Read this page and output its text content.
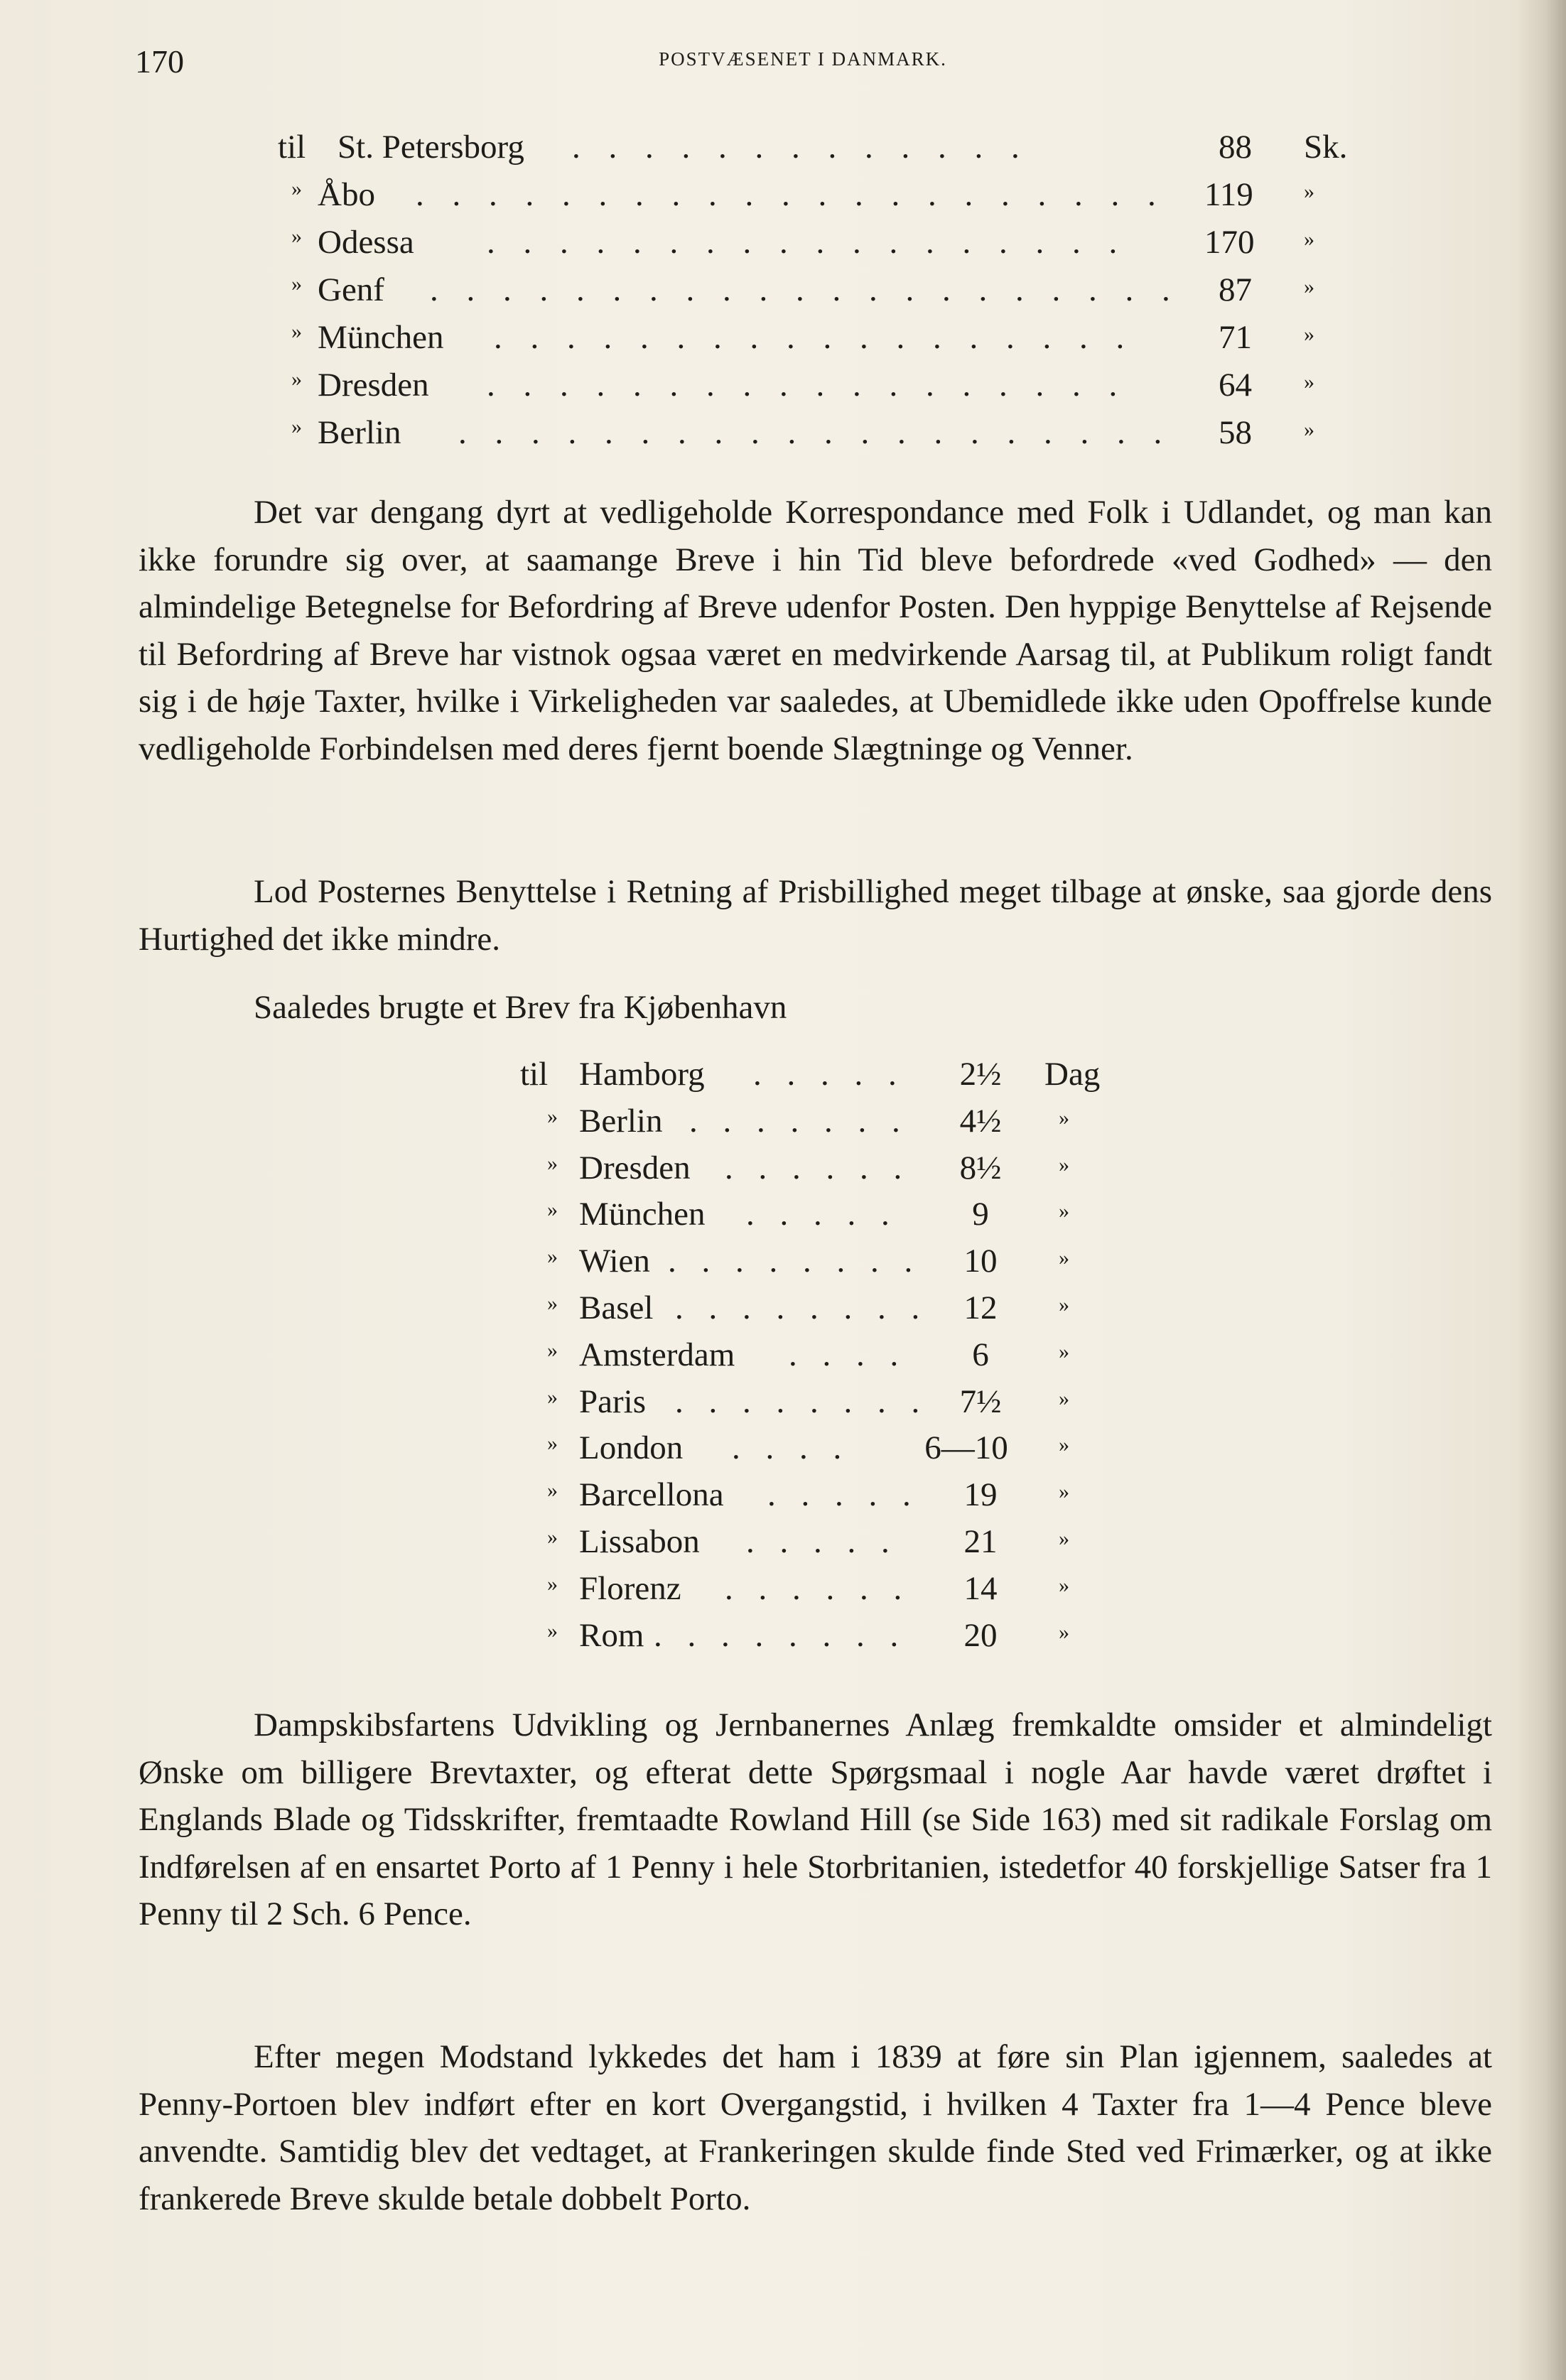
170	POSTVÆSENET I DANMARK.
til St. Petersborg . . . . . . . . . . . . .	88 Sk.
» Åbo . . . . . . . . . . . . . . . . . . . . . 119 »
» Odessa . . . . . . . . . . . . . . . . . . 170 »
» Genf . . . . . . . . . . . . . . . . . . . . . 87 »
» München . . . . . . . . . . . . . . . . . .	71 »
» Dresden . . . . . . . . . . . . . . . . . .	64 »
» Berlin . . . . . . . . . . . . . . . . . . . . 58 »

Det var dengang dyrt at vedligeholde Korrespondance med Folk i Udlandet, og man kan ikke forundre sig over, at saamange Breve i hin Tid bleve befordrede «ved Godhed» — den almindelige Betegnelse for Befordring af Breve udenfor Posten. Den hyppige Benyttelse af Rejsende til Befordring af Breve har vistnok ogsaa været en medvirkende Aarsag til, at Publikum roligt fandt sig i de høje Taxter, hvilke i Virkeligheden var saaledes, at Ubemidlede ikke uden Opoffrelse kunde vedligeholde Forbindelsen med deres fjernt boende Slægtninge og Venner.

Lod Posternes Benyttelse i Retning af Prisbillighed meget tilbage at ønske, saa gjorde dens Hurtighed det ikke mindre.

Saaledes brugte et Brev fra Kjøbenhavn

til Hamborg . . . . .	2½	Dag
» Berlin . . . . . . .	4½	»
» Dresden . . . . . .	8½	»
» München . . . . .	9	»
» Wien . . . . . . . .	10	»
» Basel . . . . . . . .	12	»
» Amsterdam . . . .	6	»
» Paris . . . . . . . . 7½	»
» London . . . .	6—10	»
» Barcellona . . . . .	19	»
» Lissabon . . . . .	21	»
» Florenz . . . . . .	14	»
» Rom . . . . . . . .	20	»

Dampskibsfartens Udvikling og Jernbanernes Anlæg fremkaldte omsider et almindeligt Ønske om billigere Brevtaxter, og efterat dette Spørgsmaal i nogle Aar havde været drøftet i Englands Blade og Tidsskrifter, fremtaadte Rowland Hill (se Side 163) med sit radikale Forslag om Indførelsen af en ensartet Porto af 1 Penny i hele Storbritanien, istedetfor 40 forskjellige Satser fra 1 Penny til 2 Sch. 6 Pence.

Efter megen Modstand lykkedes det ham i 1839 at føre sin Plan igjennem, saaledes at Penny-Portoen blev indført efter en kort Overgangstid, i hvilken 4 Taxter fra 1—4 Pence bleve anvendte. Samtidig blev det vedtaget, at Frankeringen skulde finde Sted ved Frimærker, og at ikke frankerede Breve skulde betale dobbelt Porto.
